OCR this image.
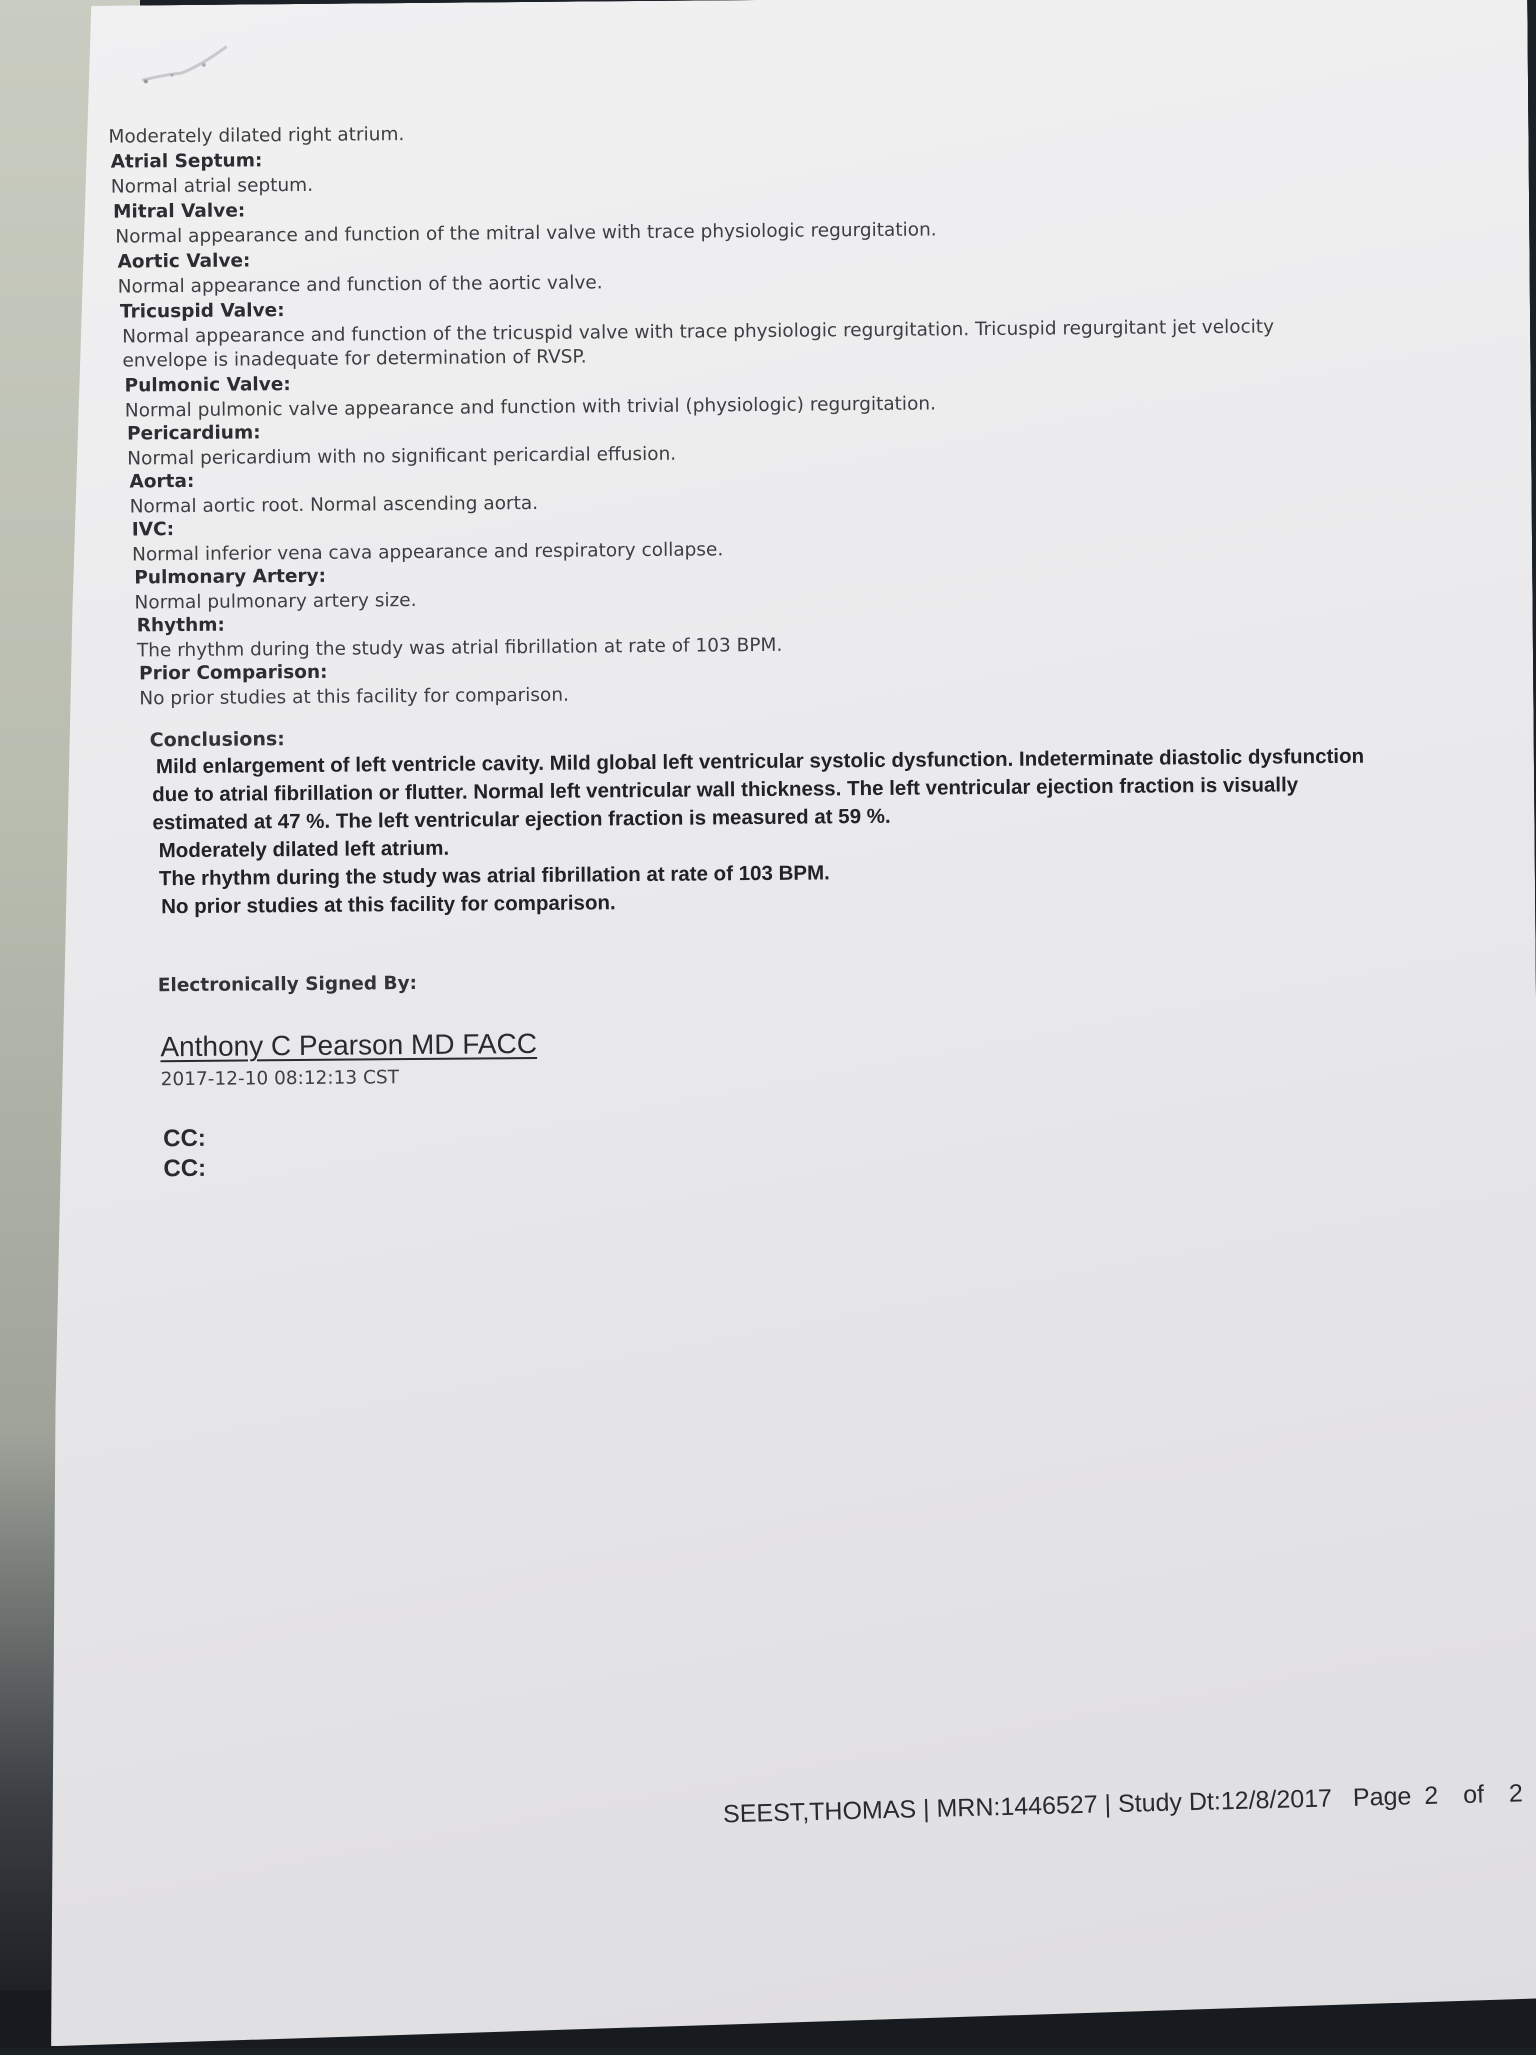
Moderately dilated right atrium.
Atrial Septum:
Normal atrial septum.
Mitral Valve:
Normal appearance and function of the mitral valve with trace physiologic regurgitation.
Aortic Valve:
Normal appearance and function of the aortic valve.
Tricuspid Valve:
Normal appearance and function of the tricuspid valve with trace physiologic regurgitation. Tricuspid regurgitant jet velocity
envelope is inadequate for determination of RVSP.
Pulmonic Valve:
Normal pulmonic valve appearance and function with trivial (physiologic) regurgitation.
Pericardium:
Normal pericardium with no significant pericardial effusion.
Aorta:
Normal aortic root. Normal ascending aorta.
IVC:
Normal inferior vena cava appearance and respiratory collapse.
Pulmonary Artery:
Normal pulmonary artery size.
Rhythm:
The rhythm during the study was atrial fibrillation at rate of 103 BPM.
Prior Comparison:
No prior studies at this facility for comparison.
Conclusions:
Mild enlargement of left ventricle cavity. Mild global left ventricular systolic dysfunction. Indeterminate diastolic dysfunction
due to atrial fibrillation or flutter. Normal left ventricular wall thickness. The left ventricular ejection fraction is visually
estimated at 47 %. The left ventricular ejection fraction is measured at 59 %.
Moderately dilated left atrium.
The rhythm during the study was atrial fibrillation at rate of 103 BPM.
No prior studies at this facility for comparison.
Electronically Signed By:
Anthony C Pearson MD FACC
2017-12-10 08:12:13 CST
CC:
CC:
SEEST,THOMAS | MRN:1446527 | Study Dt:12/8/2017 Page 2 of 2
